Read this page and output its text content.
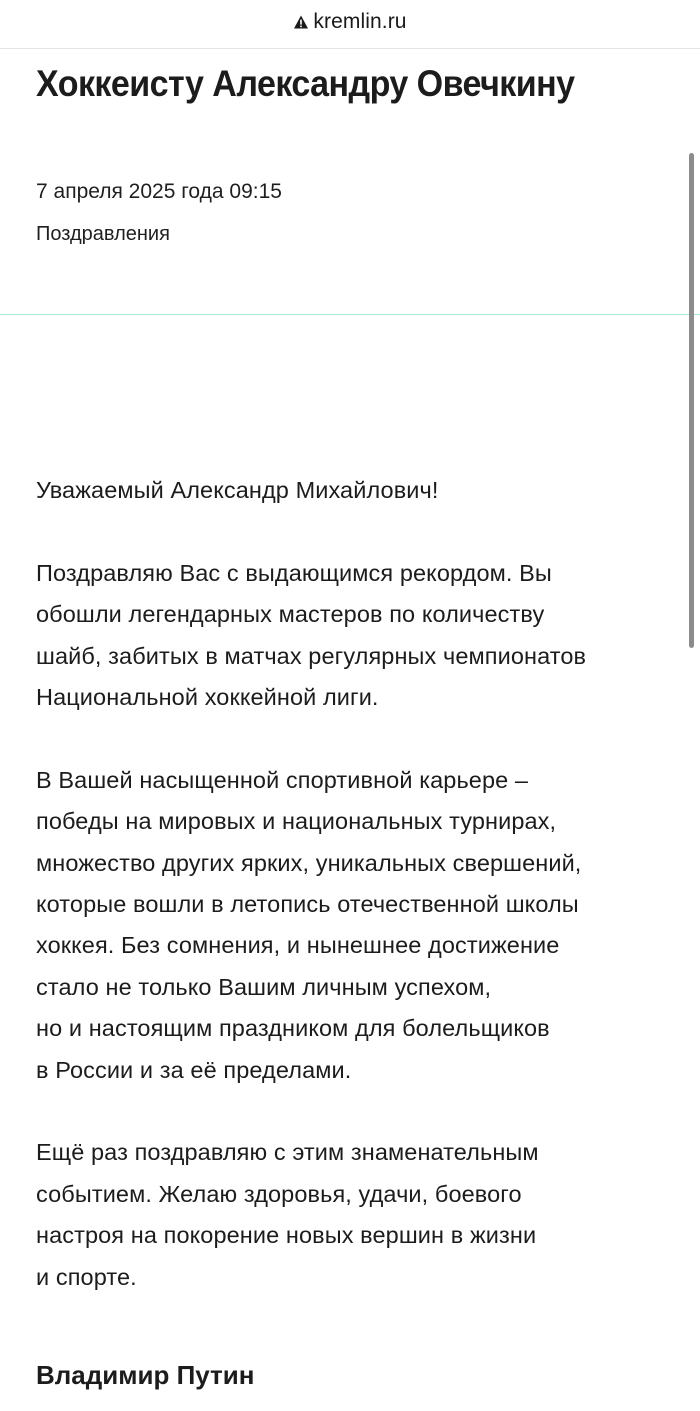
kremlin.ru
Хоккеисту Александру Овечкину
7 апреля 2025 года 09:15
Поздравления

Уважаемый Александр Михайлович!

Поздравляю Вас с выдающимся рекордом. Вы
обошли легендарных мастеров по количеству
шайб, забитых в матчах регулярных чемпионатов
Национальной хоккейной лиги.

В Вашей насыщенной спортивной карьере –
победы на мировых и национальных турнирах,
множество других ярких, уникальных свершений,
которые вошли в летопись отечественной школы
хоккея. Без сомнения, и нынешнее достижение
стало не только Вашим личным успехом,
но и настоящим праздником для болельщиков
в России и за её пределами.

Ещё раз поздравляю с этим знаменательным
событием. Желаю здоровья, удачи, боевого
настроя на покорение новых вершин в жизни
и спорте.

Владимир Путин
